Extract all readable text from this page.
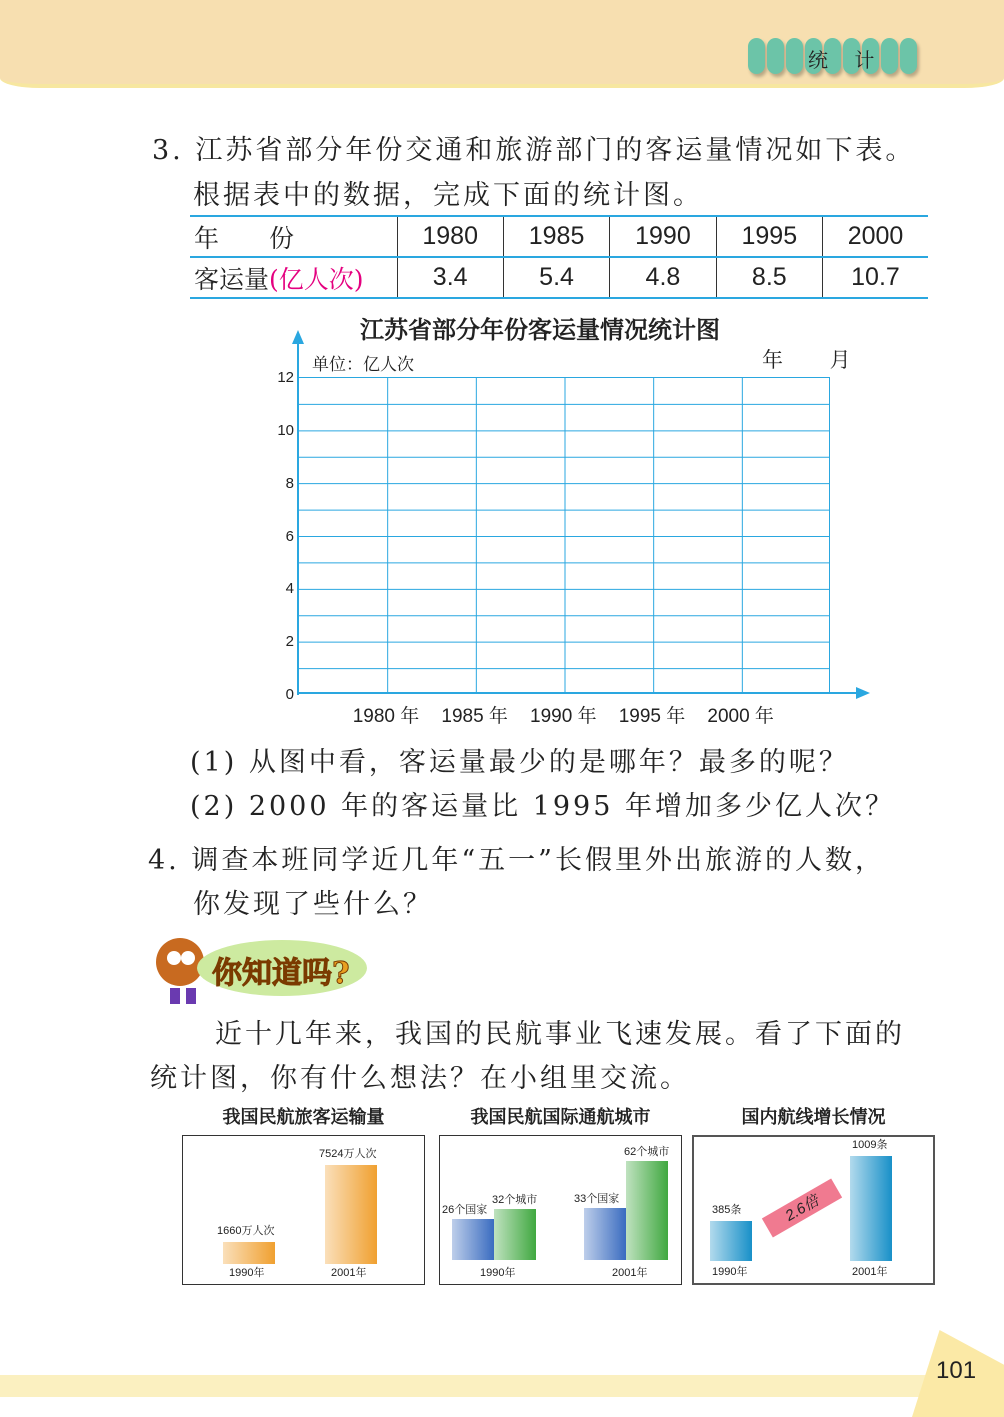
统 计
3. 江苏省部分年份交通和旅游部门的客运量情况如下表。
根据表中的数据，完成下面的统计图。
年　　份	1980	1985	1990	1995	2000
客运量(亿人次)	3.4	5.4	4.8	8.5	10.7
江苏省部分年份客运量情况统计图
单位：亿人次	年 月
0
2
4
6
8
10
12
1980 年	1985 年	1990 年	1995 年	2000 年
(1) 从图中看，客运量最少的是哪年？最多的呢？
(2) 2000 年的客运量比 1995 年增加多少亿人次？
4. 调查本班同学近几年“五一”长假里外出旅游的人数，
你发现了些什么？
你知道吗?
近十几年来，我国的民航事业飞速发展。看了下面的
统计图，你有什么想法？在小组里交流。
我国民航旅客运输量	我国民航国际通航城市	国内航线增长情况
1660万人次
1990年
7524万人次
2001年
26个国家
32个城市
1990年
33个国家
62个城市
2001年
385条
1990年
1009条
2001年
2.6倍
101
